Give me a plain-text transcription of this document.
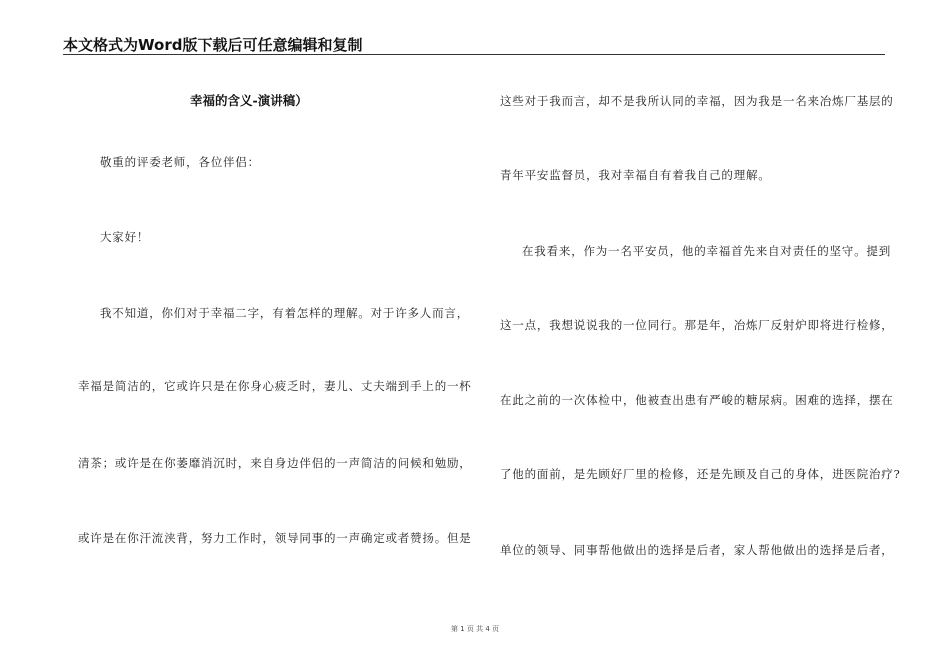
本文格式为Word版下载后可任意编辑和复制
幸福的含义-演讲稿）
敬重的评委老师，各位伴侣：
大家好！
我不知道，你们对于幸福二字，有着怎样的理解。对于许多人而言，
幸福是简洁的，它或许只是在你身心疲乏时，妻儿、丈夫端到手上的一杯
清茶；或许是在你萎靡消沉时，来自身边伴侣的一声简洁的问候和勉励，
或许是在你汗流浃背，努力工作时，领导同事的一声确定或者赞扬。但是
这些对于我而言，却不是我所认同的幸福，因为我是一名来冶炼厂基层的
青年平安监督员，我对幸福自有着我自己的理解。
在我看来，作为一名平安员，他的幸福首先来自对责任的坚守。提到
这一点，我想说说我的一位同行。那是年，冶炼厂反射炉即将进行检修，
在此之前的一次体检中，他被查出患有严峻的糖尿病。困难的选择，摆在
了他的面前，是先顾好厂里的检修，还是先顾及自己的身体，进医院治疗?
单位的领导、同事帮他做出的选择是后者，家人帮他做出的选择是后者，
第 1 页 共 4 页
